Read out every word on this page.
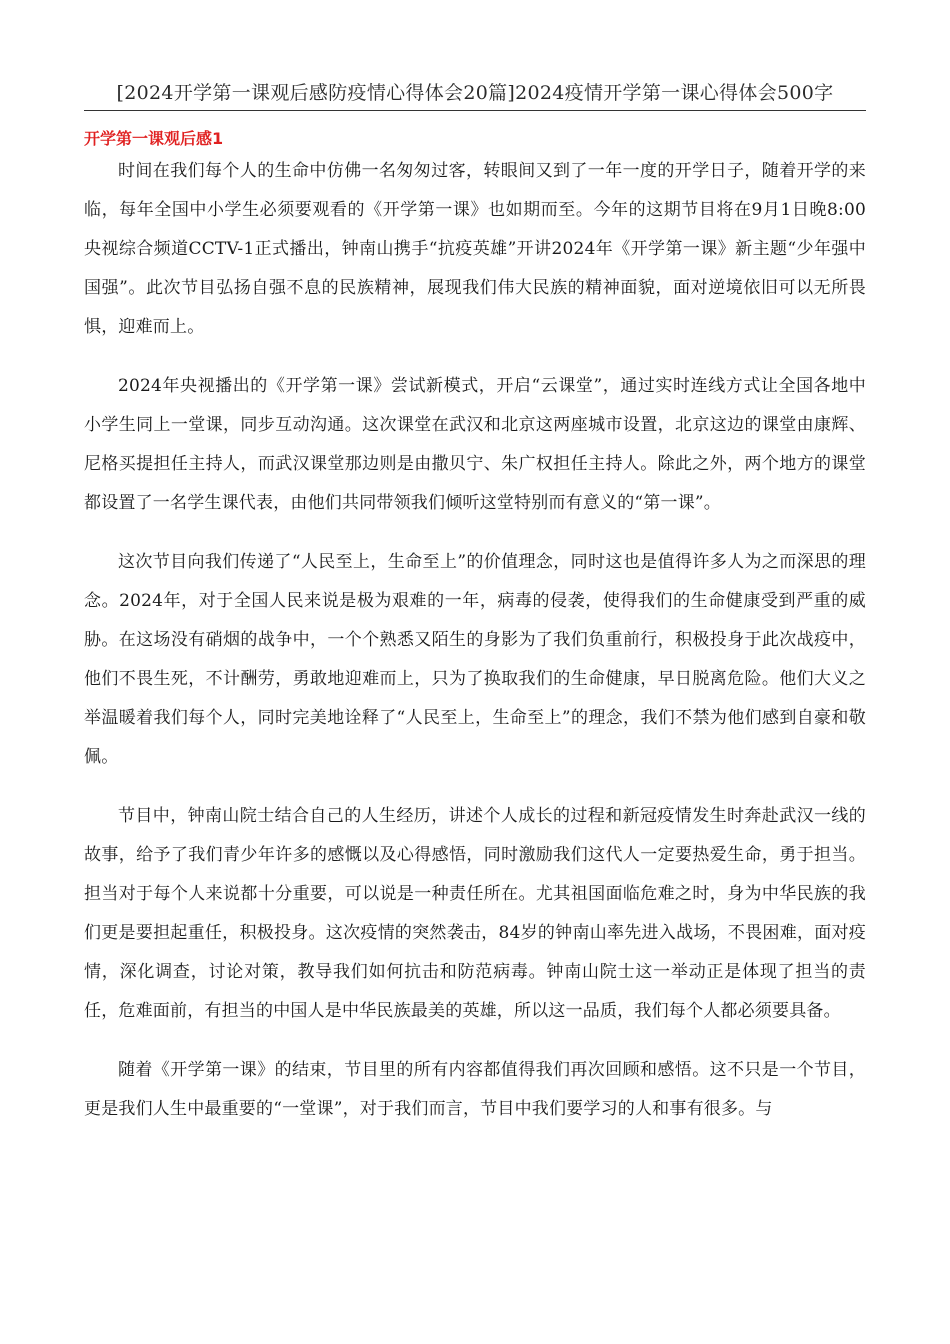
[2024开学第一课观后感防疫情心得体会20篇]2024疫情开学第一课心得体会500字
开学第一课观后感1

时间在我们每个人的生命中仿佛一名匆匆过客，转眼间又到了一年一度的开学日子，随着开学的来临，每年全国中小学生必须要观看的《开学第一课》也如期而至。今年的这期节目将在9月1日晚8:00央视综合频道CCTV-1正式播出，钟南山携手“抗疫英雄”开讲2024年《开学第一课》新主题“少年强中国强”。此次节目弘扬自强不息的民族精神，展现我们伟大民族的精神面貌，面对逆境依旧可以无所畏惧，迎难而上。

2024年央视播出的《开学第一课》尝试新模式，开启“云课堂”，通过实时连线方式让全国各地中小学生同上一堂课，同步互动沟通。这次课堂在武汉和北京这两座城市设置，北京这边的课堂由康辉、尼格买提担任主持人，而武汉课堂那边则是由撒贝宁、朱广权担任主持人。除此之外，两个地方的课堂都设置了一名学生课代表，由他们共同带领我们倾听这堂特别而有意义的“第一课”。

这次节目向我们传递了“人民至上，生命至上”的价值理念，同时这也是值得许多人为之而深思的理念。2024年，对于全国人民来说是极为艰难的一年，病毒的侵袭，使得我们的生命健康受到严重的威胁。在这场没有硝烟的战争中，一个个熟悉又陌生的身影为了我们负重前行，积极投身于此次战疫中，他们不畏生死，不计酬劳，勇敢地迎难而上，只为了换取我们的生命健康，早日脱离危险。他们大义之举温暖着我们每个人，同时完美地诠释了“人民至上，生命至上”的理念，我们不禁为他们感到自豪和敬佩。

节目中，钟南山院士结合自己的人生经历，讲述个人成长的过程和新冠疫情发生时奔赴武汉一线的故事，给予了我们青少年许多的感慨以及心得感悟，同时激励我们这代人一定要热爱生命，勇于担当。担当对于每个人来说都十分重要，可以说是一种责任所在。尤其祖国面临危难之时，身为中华民族的我们更是要担起重任，积极投身。这次疫情的突然袭击，84岁的钟南山率先进入战场，不畏困难，面对疫情，深化调查，讨论对策，教导我们如何抗击和防范病毒。钟南山院士这一举动正是体现了担当的责任，危难面前，有担当的中国人是中华民族最美的英雄，所以这一品质，我们每个人都必须要具备。

随着《开学第一课》的结束，节目里的所有内容都值得我们再次回顾和感悟。这不只是一个节目，更是我们人生中最重要的“一堂课”，对于我们而言，节目中我们要学习的人和事有很多。与
